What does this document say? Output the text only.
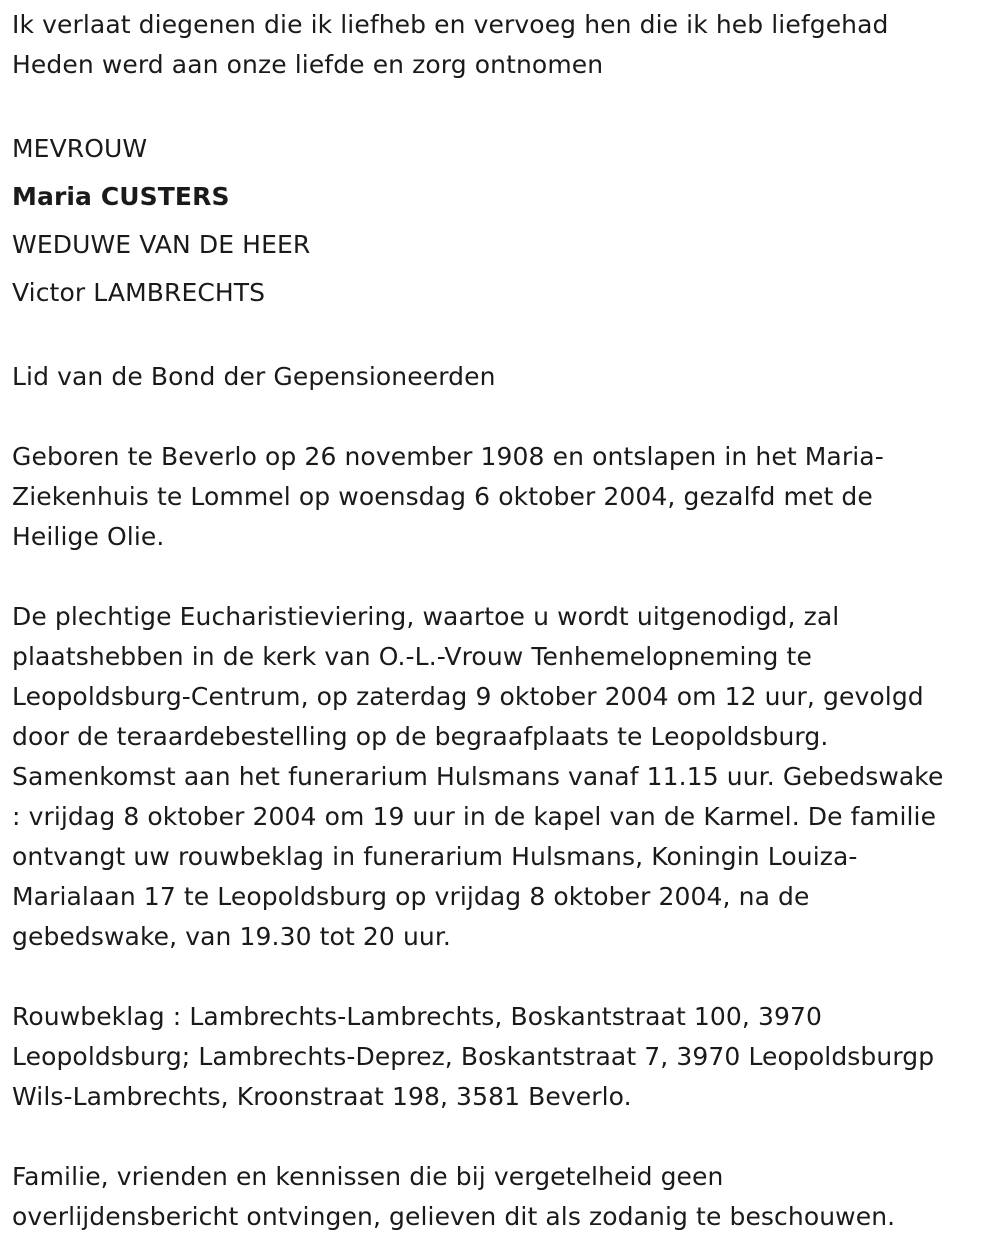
Ik verlaat diegenen die ik liefheb en vervoeg hen die ik heb liefgehad
Heden werd aan onze liefde en zorg ontnomen
MEVROUW
Maria CUSTERS
WEDUWE VAN DE HEER
Victor LAMBRECHTS
Lid van de Bond der Gepensioneerden
Geboren te Beverlo op 26 november 1908 en ontslapen in het Maria-
Ziekenhuis te Lommel op woensdag 6 oktober 2004, gezalfd met de
Heilige Olie.
De plechtige Eucharistieviering, waartoe u wordt uitgenodigd, zal
plaatshebben in de kerk van O.-L.-Vrouw Tenhemelopneming te
Leopoldsburg-Centrum, op zaterdag 9 oktober 2004 om 12 uur, gevolgd
door de teraardebestelling op de begraafplaats te Leopoldsburg.
Samenkomst aan het funerarium Hulsmans vanaf 11.15 uur. Gebedswake
: vrijdag 8 oktober 2004 om 19 uur in de kapel van de Karmel. De familie
ontvangt uw rouwbeklag in funerarium Hulsmans, Koningin Louiza-
Marialaan 17 te Leopoldsburg op vrijdag 8 oktober 2004, na de
gebedswake, van 19.30 tot 20 uur.
Rouwbeklag : Lambrechts-Lambrechts, Boskantstraat 100, 3970
Leopoldsburg; Lambrechts-Deprez, Boskantstraat 7, 3970 Leopoldsburgp
Wils-Lambrechts, Kroonstraat 198, 3581 Beverlo.
Familie, vrienden en kennissen die bij vergetelheid geen
overlijdensbericht ontvingen, gelieven dit als zodanig te beschouwen.
